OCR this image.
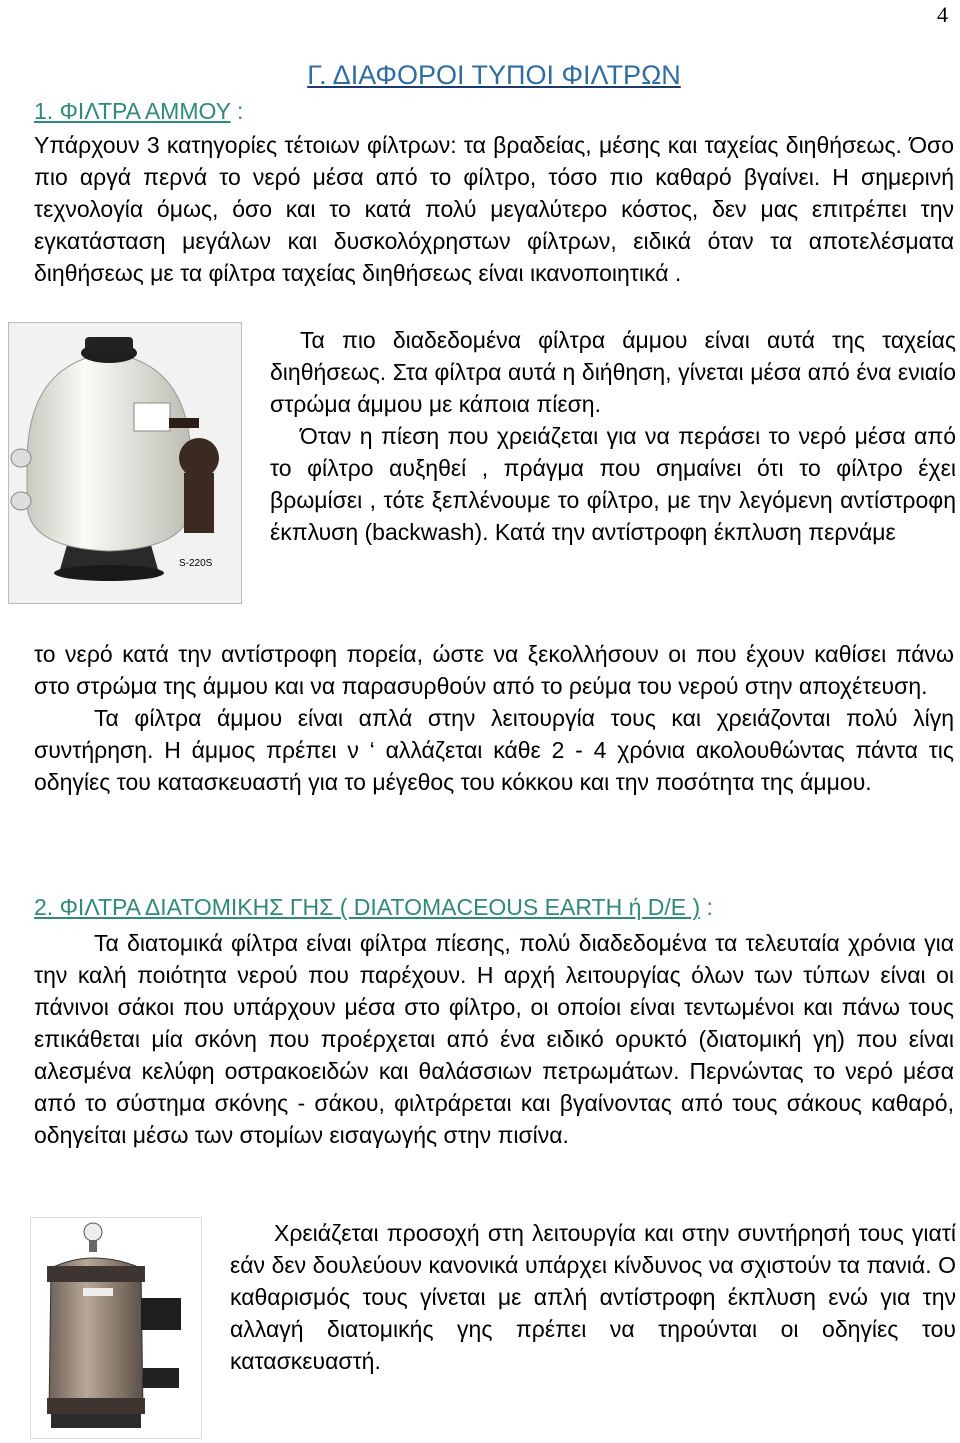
4
Γ. ΔΙΑΦΟΡΟΙ ΤΥΠΟΙ ΦΙΛΤΡΩΝ
1. ΦΙΛΤΡΑ ΑΜΜΟΥ :

Υπάρχουν 3 κατηγορίες τέτοιων φίλτρων: τα βραδείας, μέσης και ταχείας διηθήσεως. Όσο πιο αργά περνά το νερό μέσα από το φίλτρο, τόσο πιο καθαρό βγαίνει. Η σημερινή τεχνολογία όμως, όσο και το κατά πολύ μεγαλύτερο κόστος, δεν μας επιτρέπει την εγκατάσταση μεγάλων και δυσκολόχρηστων φίλτρων, ειδικά όταν τα αποτελέσματα διηθήσεως με τα φίλτρα ταχείας διηθήσεως είναι ικανοποιητικά .

S-220S

Τα πιο διαδεδομένα φίλτρα άμμου είναι αυτά της ταχείας διηθήσεως. Στα φίλτρα αυτά η διήθηση, γίνεται μέσα από ένα ενιαίο στρώμα άμμου με κάποια πίεση.

Όταν η πίεση που χρειάζεται για να περάσει το νερό μέσα από το φίλτρο αυξηθεί , πράγμα που σημαίνει ότι το φίλτρο έχει βρωμίσει , τότε ξεπλένουμε το φίλτρο, με την λεγόμενη αντίστροφη έκπλυση (backwash). Κατά την αντίστροφη έκπλυση περνάμε

το νερό κατά την αντίστροφη πορεία, ώστε να ξεκολλήσουν οι που έχουν καθίσει πάνω στο στρώμα της άμμου και να παρασυρθούν από το ρεύμα του νερού στην αποχέτευση.

Τα φίλτρα άμμου είναι απλά στην λειτουργία τους και χρειάζονται πολύ λίγη συντήρηση. Η άμμος πρέπει ν ‘ αλλάζεται κάθε 2 - 4 χρόνια ακολουθώντας πάντα τις οδηγίες του κατασκευαστή για το μέγεθος του κόκκου και την ποσότητα της άμμου.

2. ΦΙΛΤΡΑ ΔΙΑΤΟΜΙΚΗΣ ΓΗΣ ( DIATOMACEOUS EARTH ή D/E ) :

Τα διατομικά φίλτρα είναι φίλτρα πίεσης, πολύ διαδεδομένα τα τελευταία χρόνια για την καλή ποιότητα νερού που παρέχουν. Η αρχή λειτουργίας όλων των τύπων είναι οι πάνινοι σάκοι που υπάρχουν μέσα στο φίλτρο, οι οποίοι είναι τεντωμένοι και πάνω τους επικάθεται μία σκόνη που προέρχεται από ένα ειδικό ορυκτό (διατομική γη) που είναι αλεσμένα κελύφη οστρακοειδών και θαλάσσιων πετρωμάτων. Περνώντας το νερό μέσα από το σύστημα σκόνης - σάκου, φιλτράρεται και βγαίνοντας από τους σάκους καθαρό, οδηγείται μέσω των στομίων εισαγωγής στην πισίνα.

Χρειάζεται προσοχή στη λειτουργία και στην συντήρησή τους γιατί εάν δεν δουλεύουν κανονικά υπάρχει κίνδυνος να σχιστούν τα πανιά. Ο καθαρισμός τους γίνεται με απλή αντίστροφη έκπλυση ενώ για την αλλαγή διατομικής γης πρέπει να τηρούνται οι οδηγίες του κατασκευαστή.
